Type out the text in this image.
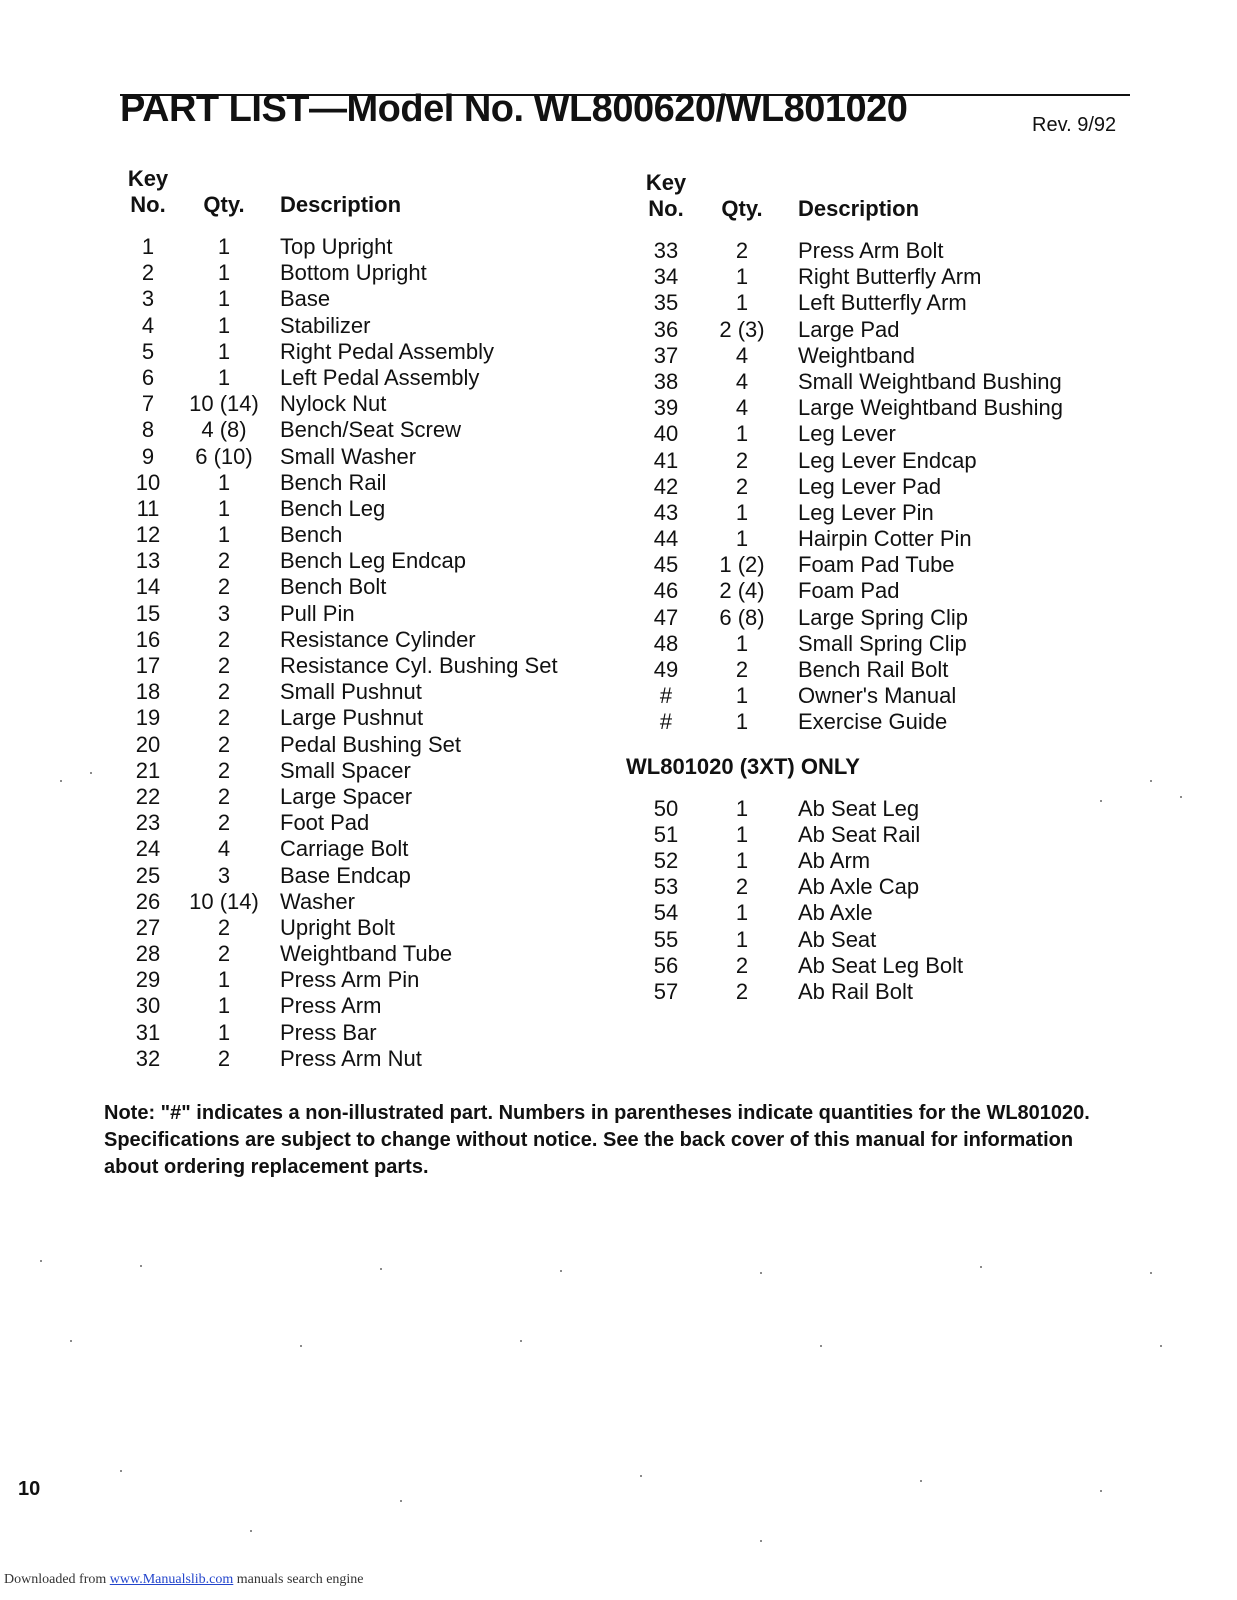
PART LIST—Model No. WL800620/WL801020	Rev. 9/92
Key
No.	Qty.	Description
1	1	Top Upright
2	1	Bottom Upright
3	1	Base
4	1	Stabilizer
5	1	Right Pedal Assembly
6	1	Left Pedal Assembly
7	10 (14) Nylock Nut
8	4 (8)	Bench/Seat Screw
9	6 (10)	Small Washer
10	1	Bench Rail
11	1	Bench Leg
12	1	Bench
13	2	Bench Leg Endcap
14	2	Bench Bolt
15	3	Pull Pin
16	2	Resistance Cylinder
17	2	Resistance Cyl. Bushing Set
18	2	Small Pushnut
19	2	Large Pushnut
20	2	Pedal Bushing Set
21	2	Small Spacer
22	2	Large Spacer
23	2	Foot Pad
24	4	Carriage Bolt
25	3	Base Endcap
26	10 (14) Washer
27	2	Upright Bolt
28	2	Weightband Tube
29	1	Press Arm Pin
30	1	Press Arm
31	1	Press Bar
32	2	Press Arm Nut
Key
No.	Qty.	Description
33	2	Press Arm Bolt
34	1	Right Butterfly Arm
35	1	Left Butterfly Arm
36	2 (3)	Large Pad
37	4	Weightband
38	4	Small Weightband Bushing
39	4	Large Weightband Bushing
40	1	Leg Lever
41	2	Leg Lever Endcap
42	2	Leg Lever Pad
43	1	Leg Lever Pin
44	1	Hairpin Cotter Pin
45	1 (2)	Foam Pad Tube
46	2 (4)	Foam Pad
47	6 (8)	Large Spring Clip
48	1	Small Spring Clip
49	2	Bench Rail Bolt
#	1	Owner's Manual
#	1	Exercise Guide
WL801020 (3XT) ONLY
50	1	Ab Seat Leg
51	1	Ab Seat Rail
52	1	Ab Arm
53	2	Ab Axle Cap
54	1	Ab Axle
55	1	Ab Seat
56	2	Ab Seat Leg Bolt
57	2	Ab Rail Bolt
Note: "#" indicates a non-illustrated part. Numbers in parentheses indicate quantities for the WL801020. Specifications are subject to change without notice. See the back cover of this manual for information about ordering replacement parts.
10
Downloaded from www.Manualslib.com manuals search engine
